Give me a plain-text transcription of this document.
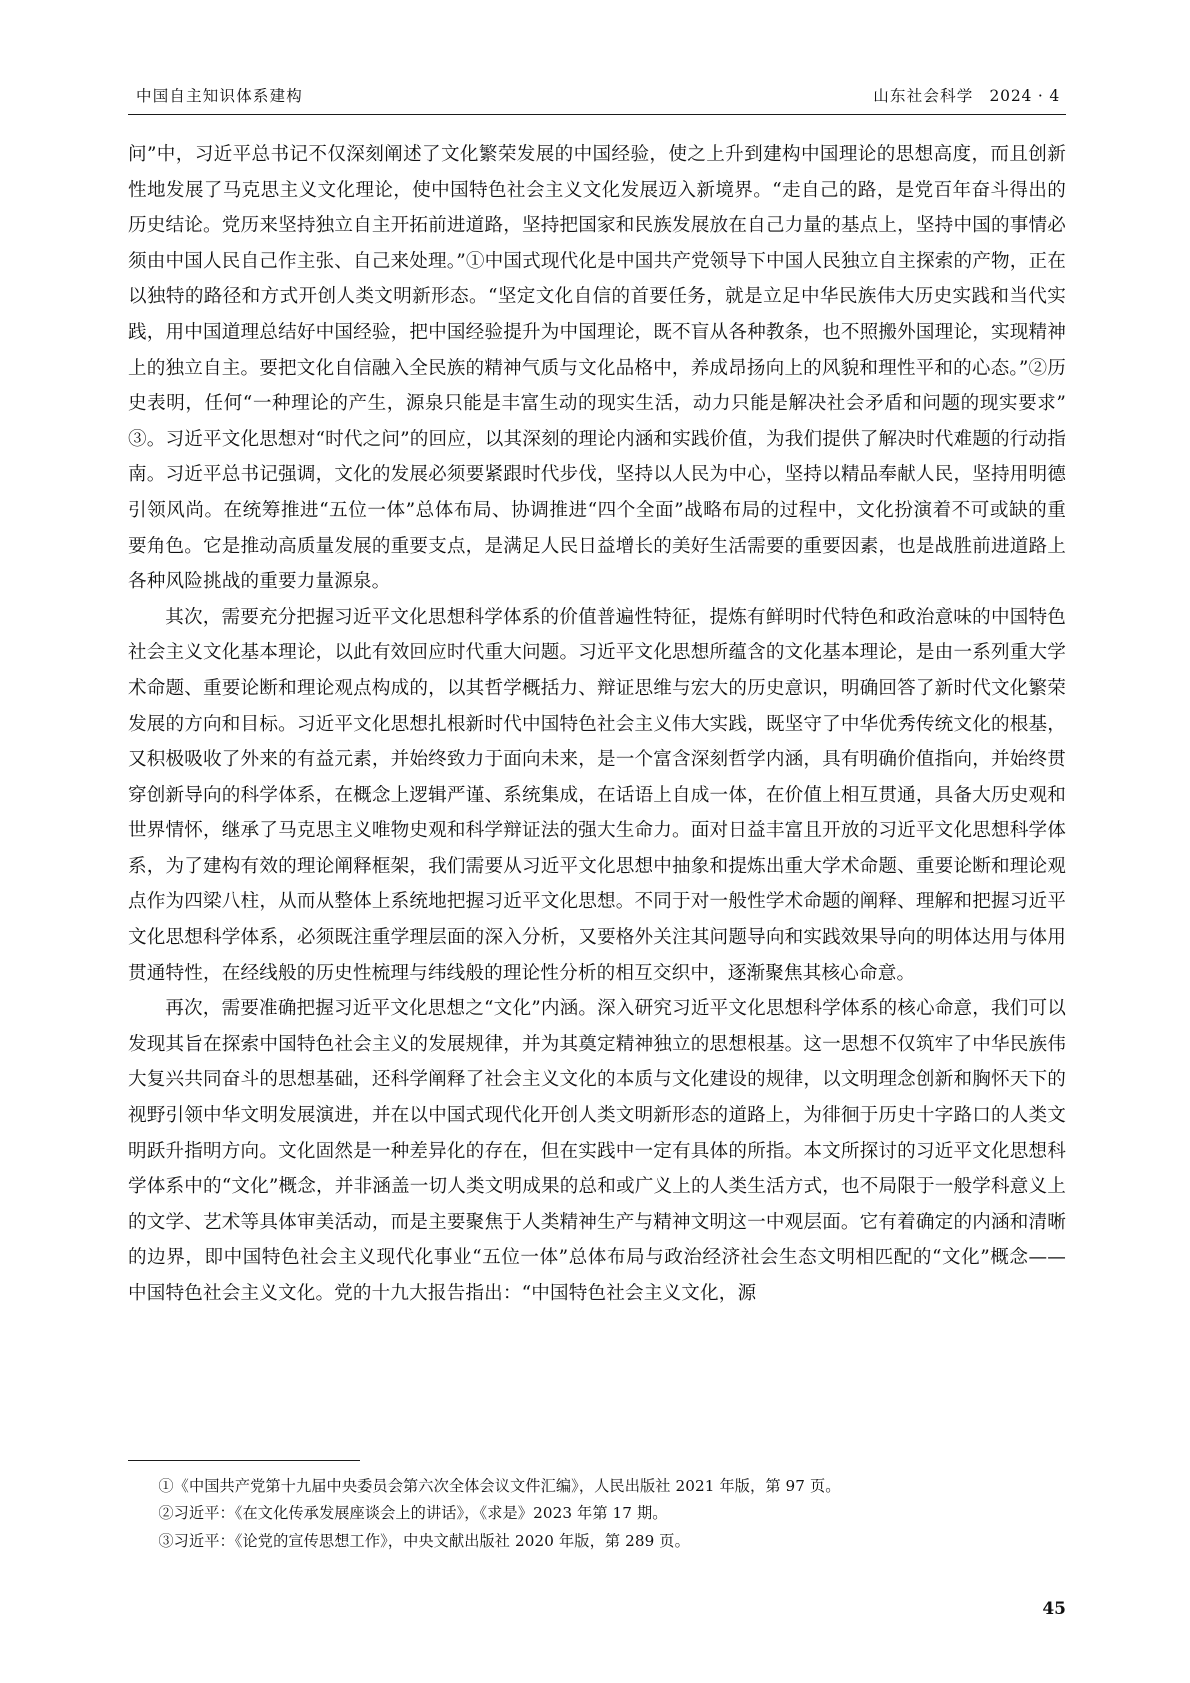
中国自主知识体系建构	山东社会科学 2024 · 4

问”中，习近平总书记不仅深刻阐述了文化繁荣发展的中国经验，使之上升到建构中国理论的思想高度，而且创新性地发展了马克思主义文化理论，使中国特色社会主义文化发展迈入新境界。“走自己的路，是党百年奋斗得出的历史结论。党历来坚持独立自主开拓前进道路，坚持把国家和民族发展放在自己力量的基点上，坚持中国的事情必须由中国人民自己作主张、自己来处理。”①中国式现代化是中国共产党领导下中国人民独立自主探索的产物，正在以独特的路径和方式开创人类文明新形态。“坚定文化自信的首要任务，就是立足中华民族伟大历史实践和当代实践，用中国道理总结好中国经验，把中国经验提升为中国理论，既不盲从各种教条，也不照搬外国理论，实现精神上的独立自主。要把文化自信融入全民族的精神气质与文化品格中，养成昂扬向上的风貌和理性平和的心态。”②历史表明，任何“一种理论的产生，源泉只能是丰富生动的现实生活，动力只能是解决社会矛盾和问题的现实要求”③。习近平文化思想对“时代之问”的回应，以其深刻的理论内涵和实践价值，为我们提供了解决时代难题的行动指南。习近平总书记强调，文化的发展必须要紧跟时代步伐，坚持以人民为中心，坚持以精品奉献人民，坚持用明德引领风尚。在统筹推进“五位一体”总体布局、协调推进“四个全面”战略布局的过程中，文化扮演着不可或缺的重要角色。它是推动高质量发展的重要支点，是满足人民日益增长的美好生活需要的重要因素，也是战胜前进道路上各种风险挑战的重要力量源泉。

其次，需要充分把握习近平文化思想科学体系的价值普遍性特征，提炼有鲜明时代特色和政治意味的中国特色社会主义文化基本理论，以此有效回应时代重大问题。习近平文化思想所蕴含的文化基本理论，是由一系列重大学术命题、重要论断和理论观点构成的，以其哲学概括力、辩证思维与宏大的历史意识，明确回答了新时代文化繁荣发展的方向和目标。习近平文化思想扎根新时代中国特色社会主义伟大实践，既坚守了中华优秀传统文化的根基，又积极吸收了外来的有益元素，并始终致力于面向未来，是一个富含深刻哲学内涵，具有明确价值指向，并始终贯穿创新导向的科学体系，在概念上逻辑严谨、系统集成，在话语上自成一体，在价值上相互贯通，具备大历史观和世界情怀，继承了马克思主义唯物史观和科学辩证法的强大生命力。面对日益丰富且开放的习近平文化思想科学体系，为了建构有效的理论阐释框架，我们需要从习近平文化思想中抽象和提炼出重大学术命题、重要论断和理论观点作为四梁八柱，从而从整体上系统地把握习近平文化思想。不同于对一般性学术命题的阐释、理解和把握习近平文化思想科学体系，必须既注重学理层面的深入分析，又要格外关注其问题导向和实践效果导向的明体达用与体用贯通特性，在经线般的历史性梳理与纬线般的理论性分析的相互交织中，逐渐聚焦其核心命意。

再次，需要准确把握习近平文化思想之“文化”内涵。深入研究习近平文化思想科学体系的核心命意，我们可以发现其旨在探索中国特色社会主义的发展规律，并为其奠定精神独立的思想根基。这一思想不仅筑牢了中华民族伟大复兴共同奋斗的思想基础，还科学阐释了社会主义文化的本质与文化建设的规律，以文明理念创新和胸怀天下的视野引领中华文明发展演进，并在以中国式现代化开创人类文明新形态的道路上，为徘徊于历史十字路口的人类文明跃升指明方向。文化固然是一种差异化的存在，但在实践中一定有具体的所指。本文所探讨的习近平文化思想科学体系中的“文化”概念，并非涵盖一切人类文明成果的总和或广义上的人类生活方式，也不局限于一般学科意义上的文学、艺术等具体审美活动，而是主要聚焦于人类精神生产与精神文明这一中观层面。它有着确定的内涵和清晰的边界，即中国特色社会主义现代化事业“五位一体”总体布局与政治经济社会生态文明相匹配的“文化”概念——中国特色社会主义文化。党的十九大报告指出：“中国特色社会主义文化，源

①《中国共产党第十九届中央委员会第六次全体会议文件汇编》，人民出版社 2021 年版，第 97 页。
②习近平：《在文化传承发展座谈会上的讲话》，《求是》2023 年第 17 期。
③习近平：《论党的宣传思想工作》，中央文献出版社 2020 年版，第 289 页。
45
